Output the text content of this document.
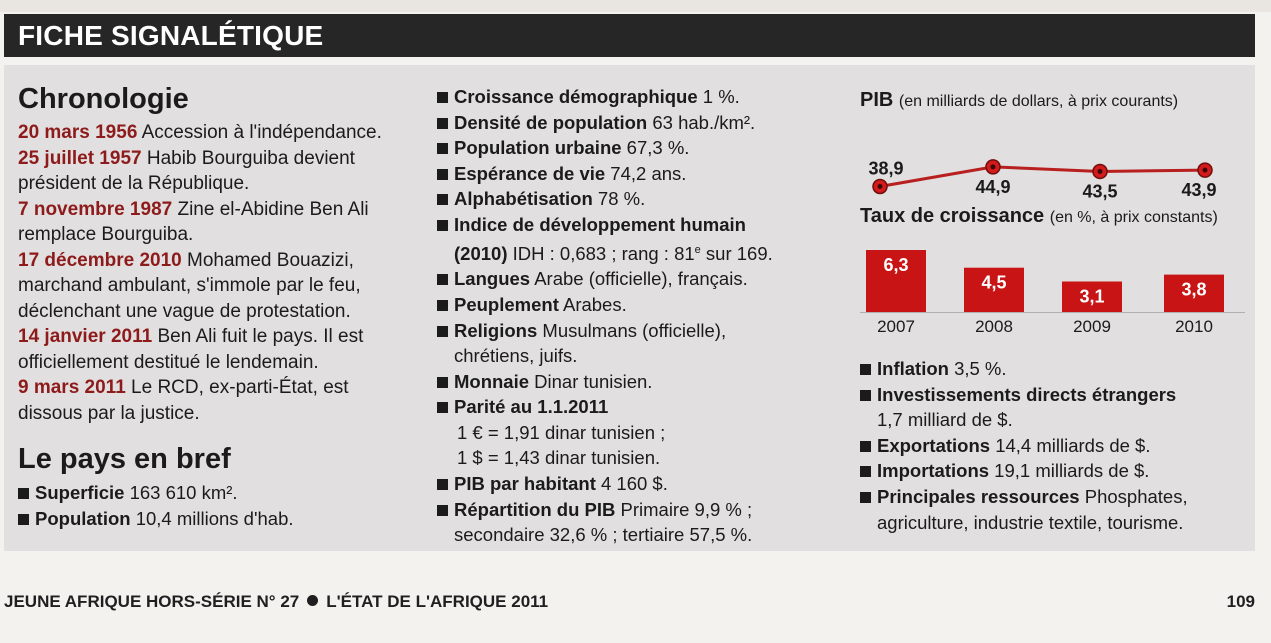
FICHE SIGNALÉTIQUE
Chronologie
20 mars 1956 Accession à l'indépendance.
25 juillet 1957 Habib Bourguiba devient
président de la République.
7 novembre 1987 Zine el-Abidine Ben Ali
remplace Bourguiba.
17 décembre 2010 Mohamed Bouazizi,
marchand ambulant, s'immole par le feu,
déclenchant une vague de protestation.
14 janvier 2011 Ben Ali fuit le pays. Il est
officiellement destitué le lendemain.
9 mars 2011 Le RCD, ex-parti-État, est
dissous par la justice.
Le pays en bref
Superficie 163 610 km².
Population 10,4 millions d'hab.
Croissance démographique 1 %.
Densité de population 63 hab./km².
Population urbaine 67,3 %.
Espérance de vie 74,2 ans.
Alphabétisation 78 %.
Indice de développement humain
(2010) IDH : 0,683 ; rang : 81e sur 169.
Langues Arabe (officielle), français.
Peuplement Arabes.
Religions Musulmans (officielle),
chrétiens, juifs.
Monnaie Dinar tunisien.
Parité au 1.1.2011
1 € = 1,91 dinar tunisien ;
1 $ = 1,43 dinar tunisien.
PIB par habitant 4 160 $.
Répartition du PIB Primaire 9,9 % ;
secondaire 32,6 % ; tertiaire 57,5 %.
PIB (en milliards de dollars, à prix courants)
38,9
44,9	43,5	43,9
Taux de croissance (en %, à prix constants)
6,3
2007
4,5
2008
3,1
2009
3,8
2010
Inflation 3,5 %.
Investissements directs étrangers
1,7 milliard de $.
Exportations 14,4 milliards de $.
Importations 19,1 milliards de $.
Principales ressources Phosphates,
agriculture, industrie textile, tourisme.
JEUNE AFRIQUE HORS-SÉRIE N° 27 L'ÉTAT DE L'AFRIQUE 2011	109
